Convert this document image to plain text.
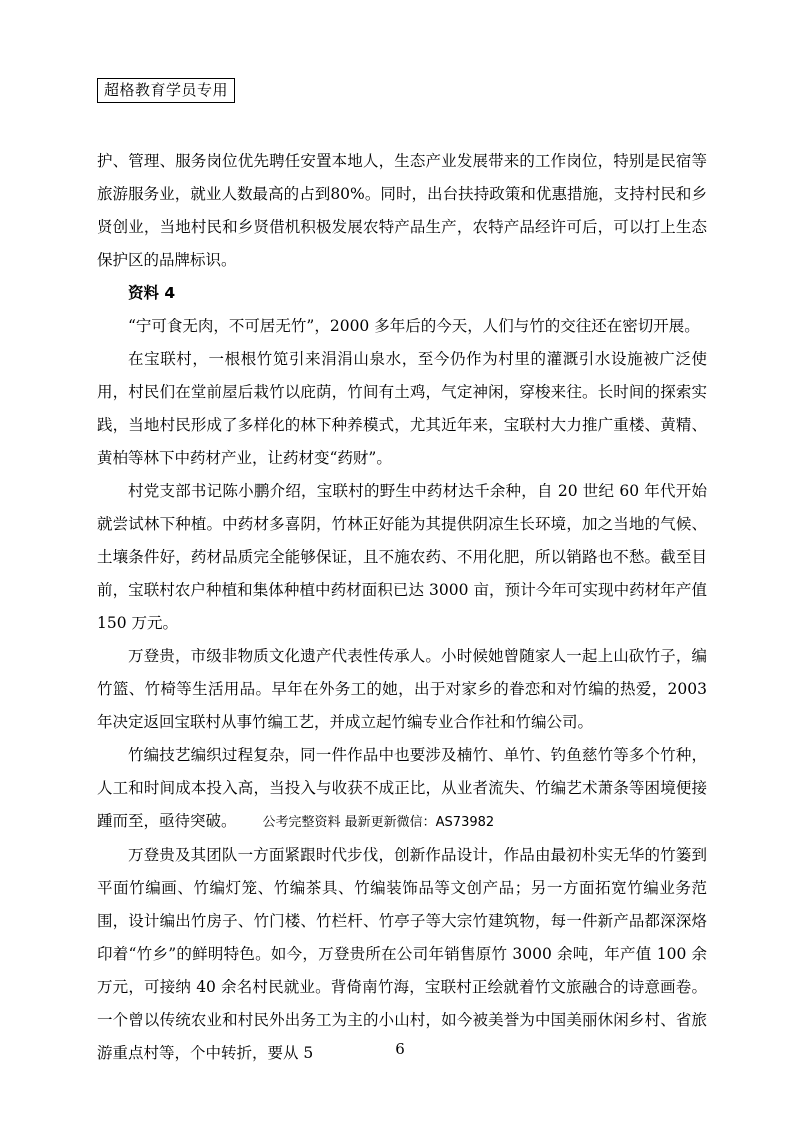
超格教育学员专用

护、管理、服务岗位优先聘任安置本地人，生态产业发展带来的工作岗位，特别是民宿等旅游服务业，就业人数最高的占到80%。同时，出台扶持政策和优惠措施，支持村民和乡贤创业，当地村民和乡贤借机积极发展农特产品生产，农特产品经许可后，可以打上生态保护区的品牌标识。

资料 4

“宁可食无肉，不可居无竹”，2000 多年后的今天，人们与竹的交往还在密切开展。

在宝联村，一根根竹笕引来涓涓山泉水，至今仍作为村里的灌溉引水设施被广泛使用，村民们在堂前屋后栽竹以庇荫，竹间有土鸡，气定神闲，穿梭来往。长时间的探索实践，当地村民形成了多样化的林下种养模式，尤其近年来，宝联村大力推广重楼、黄精、黄柏等林下中药材产业，让药材变“药财”。

村党支部书记陈小鹏介绍，宝联村的野生中药材达千余种，自 20 世纪 60 年代开始就尝试林下种植。中药材多喜阴，竹林正好能为其提供阴凉生长环境，加之当地的气候、土壤条件好，药材品质完全能够保证，且不施农药、不用化肥，所以销路也不愁。截至目前，宝联村农户种植和集体种植中药材面积已达 3000 亩，预计今年可实现中药材年产值 150 万元。

万登贵，市级非物质文化遗产代表性传承人。小时候她曾随家人一起上山砍竹子，编竹篮、竹椅等生活用品。早年在外务工的她，出于对家乡的眷恋和对竹编的热爱，2003 年决定返回宝联村从事竹编工艺，并成立起竹编专业合作社和竹编公司。

竹编技艺编织过程复杂，同一件作品中也要涉及楠竹、单竹、钓鱼慈竹等多个竹种，人工和时间成本投入高，当投入与收获不成正比，从业者流失、竹编艺术萧条等困境便接踵而至，亟待突破。 公考完整资料 最新更新微信：AS73982

万登贵及其团队一方面紧跟时代步伐，创新作品设计，作品由最初朴实无华的竹篓到平面竹编画、竹编灯笼、竹编茶具、竹编装饰品等文创产品；另一方面拓宽竹编业务范围，设计编出竹房子、竹门楼、竹栏杆、竹亭子等大宗竹建筑物，每一件新产品都深深烙印着“竹乡”的鲜明特色。如今，万登贵所在公司年销售原竹 3000 余吨，年产值 100 余万元，可接纳 40 余名村民就业。背倚南竹海，宝联村正绘就着竹文旅融合的诗意画卷。一个曾以传统农业和村民外出务工为主的小山村，如今被美誉为中国美丽休闲乡村、省旅游重点村等，个中转折，要从 5	6
